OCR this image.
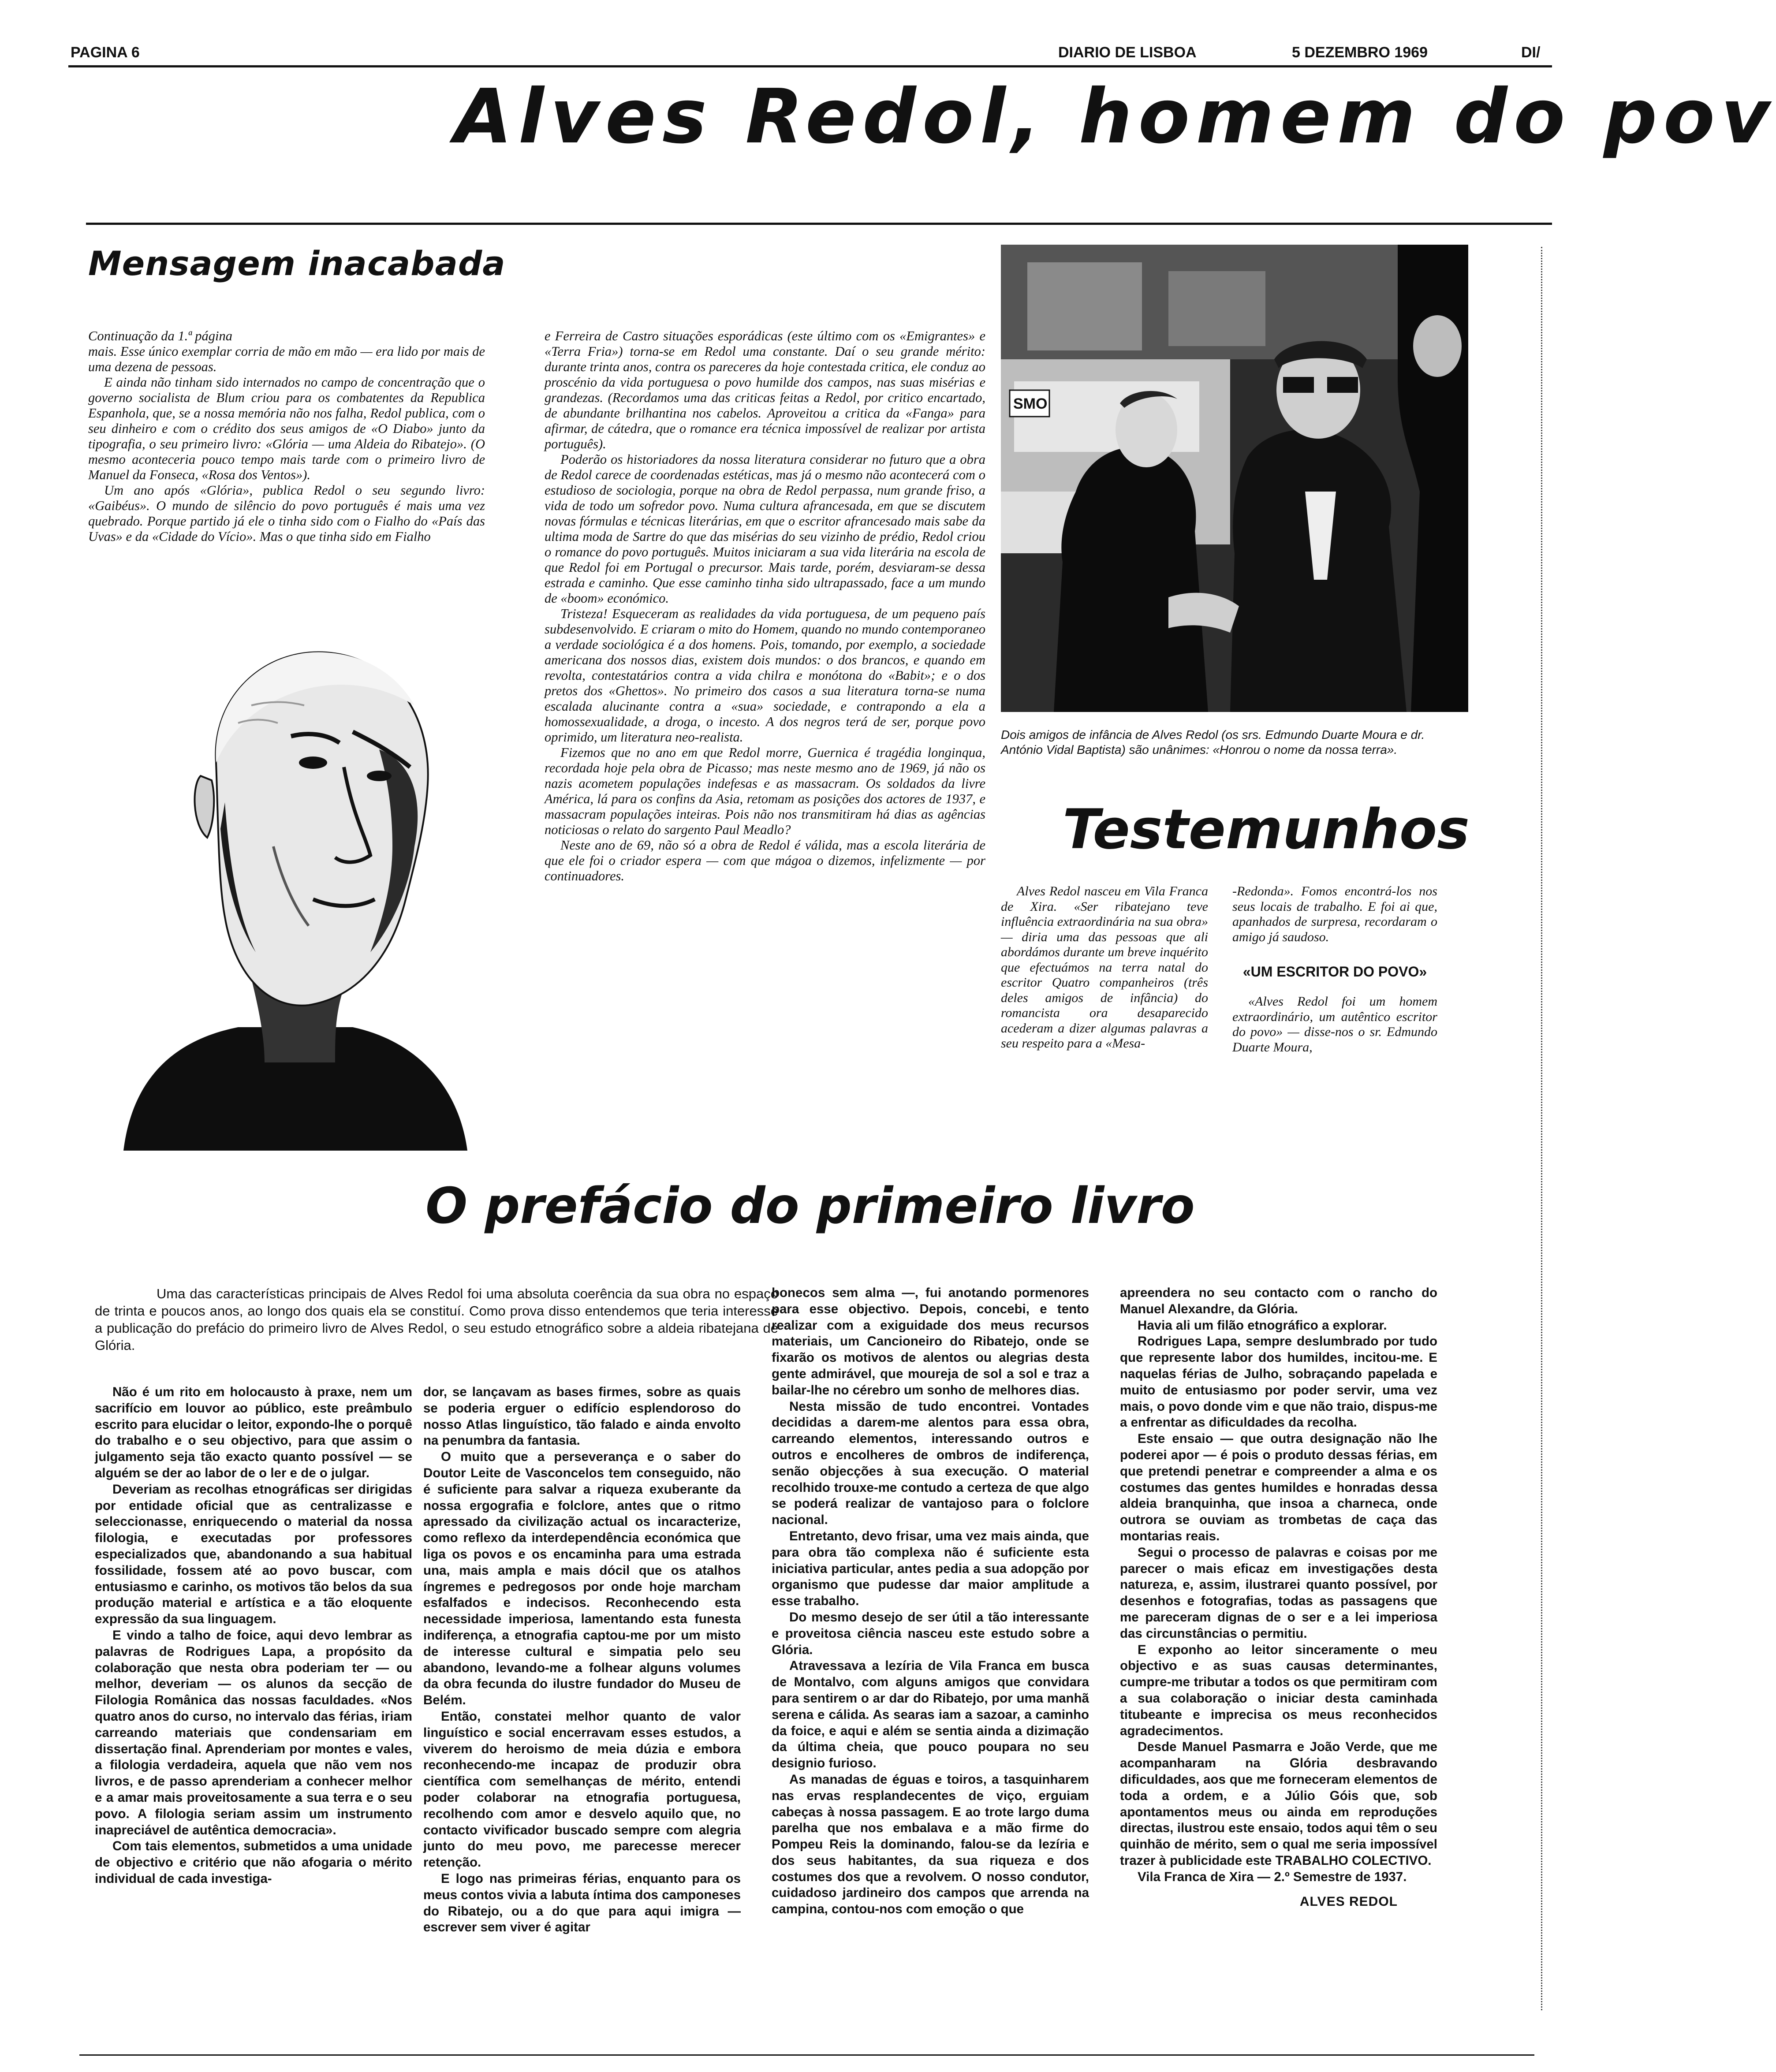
PAGINA 6	DIARIO DE LISBOA	5 DEZEMBRO 1969	DI/
Alves Redol, homem do pov
Mensagem inacabada

Continuação da 1.ª página

mais. Esse único exemplar corria de mão em mão — era lido por mais de uma dezena de pessoas.

E ainda não tinham sido internados no campo de concentração que o governo socialista de Blum criou para os combatentes da Republica Espanhola, que, se a nossa memória não nos falha, Redol publica, com o seu dinheiro e com o crédito dos seus amigos de «O Diabo» junto da tipografia, o seu primeiro livro: «Glória — uma Aldeia do Ribatejo». (O mesmo aconteceria pouco tempo mais tarde com o primeiro livro de Manuel da Fonseca, «Rosa dos Ventos»).

Um ano após «Glória», publica Redol o seu segundo livro: «Gaibéus». O mundo de silêncio do povo português é mais uma vez quebrado. Porque partido já ele o tinha sido com o Fialho do «País das Uvas» e da «Cidade do Vício». Mas o que tinha sido em Fialho

e Ferreira de Castro situações esporádicas (este último com os «Emigrantes» e «Terra Fria») torna-se em Redol uma constante. Daí o seu grande mérito: durante trinta anos, contra os pareceres da hoje contestada critica, ele conduz ao proscénio da vida portuguesa o povo humilde dos campos, nas suas misérias e grandezas. (Recordamos uma das criticas feitas a Redol, por critico encartado, de abundante brilhantina nos cabelos. Aproveitou a critica da «Fanga» para afirmar, de cátedra, que o romance era técnica impossível de realizar por artista português).

Poderão os historiadores da nossa literatura considerar no futuro que a obra de Redol carece de coordenadas estéticas, mas já o mesmo não acontecerá com o estudioso de sociologia, porque na obra de Redol perpassa, num grande friso, a vida de todo um sofredor povo. Numa cultura afrancesada, em que se discutem novas fórmulas e técnicas literárias, em que o escritor afrancesado mais sabe da ultima moda de Sartre do que das misérias do seu vizinho de prédio, Redol criou o romance do povo português. Muitos iniciaram a sua vida literária na escola de que Redol foi em Portugal o precursor. Mais tarde, porém, desviaram-se dessa estrada e caminho. Que esse caminho tinha sido ultrapassado, face a um mundo de «boom» económico.

Tristeza! Esqueceram as realidades da vida portuguesa, de um pequeno país subdesenvolvido. E criaram o mito do Homem, quando no mundo contemporaneo a verdade sociológica é a dos homens. Pois, tomando, por exemplo, a sociedade americana dos nossos dias, existem dois mundos: o dos brancos, e quando em revolta, contestatários contra a vida chilra e monótona do «Babit»; e o dos pretos dos «Ghettos». No primeiro dos casos a sua literatura torna-se numa escalada alucinante contra a «sua» sociedade, e contrapondo a ela a homossexualidade, a droga, o incesto. A dos negros terá de ser, porque povo oprimido, um literatura neo-realista.

Fizemos que no ano em que Redol morre, Guernica é tragédia longinqua, recordada hoje pela obra de Picasso; mas neste mesmo ano de 1969, já não os nazis acometem populações indefesas e as massacram. Os soldados da livre América, lá para os confins da Asia, retomam as posições dos actores de 1937, e massacram populações inteiras. Pois não nos transmitiram há dias as agências noticiosas o relato do sargento Paul Meadlo?

Neste ano de 69, não só a obra de Redol é válida, mas a escola literária de que ele foi o criador espera — com que mágoa o dizemos, infelizmente — por continuadores.

SMO
Dois amigos de infância de Alves Redol (os srs. Edmundo Duarte Moura e dr. António Vidal Baptista) são unânimes: «Honrou o nome da nossa terra».
Testemunhos

Alves Redol nasceu em Vila Franca de Xira. «Ser ribatejano teve influência extraordinária na sua obra» — diria uma das pessoas que ali abordámos durante um breve inquérito que efectuámos na terra natal do escritor Quatro companheiros (três deles amigos de infância) do romancista ora desaparecido acederam a dizer algumas palavras a seu respeito para a «Mesa-

-Redonda». Fomos encontrá-los nos seus locais de trabalho. E foi ai que, apanhados de surpresa, recordaram o amigo já saudoso.

«UM ESCRITOR DO POVO»

«Alves Redol foi um homem extraordinário, um autêntico escritor do povo» — disse-nos o sr. Edmundo Duarte Moura,

O prefácio do primeiro livro

Uma das características principais de Alves Redol foi uma absoluta coerência da sua obra no espaço de trinta e poucos anos, ao longo dos quais ela se constituí. Como prova disso entendemos que teria interesse a publicação do prefácio do primeiro livro de Alves Redol, o seu estudo etnográfico sobre a aldeia ribatejana de Glória.

Não é um rito em holocausto à praxe, nem um sacrifício em louvor ao público, este preâmbulo escrito para elucidar o leitor, expondo-lhe o porquê do trabalho e o seu objectivo, para que assim o julgamento seja tão exacto quanto possível — se alguém se der ao labor de o ler e de o julgar.

Deveriam as recolhas etnográficas ser dirigidas por entidade oficial que as centralizasse e seleccionasse, enriquecendo o material da nossa filologia, e executadas por professores especializados que, abandonando a sua habitual fossilidade, fossem até ao povo buscar, com entusiasmo e carinho, os motivos tão belos da sua produção material e artística e a tão eloquente expressão da sua linguagem.

E vindo a talho de foice, aqui devo lembrar as palavras de Rodrigues Lapa, a propósito da colaboração que nesta obra poderiam ter — ou melhor, deveriam — os alunos da secção de Filologia Românica das nossas faculdades. «Nos quatro anos do curso, no intervalo das férias, iriam carreando materiais que condensariam em dissertação final. Aprenderiam por montes e vales, a filologia verdadeira, aquela que não vem nos livros, e de passo aprenderiam a conhecer melhor e a amar mais proveitosamente a sua terra e o seu povo. A filologia seriam assim um instrumento inapreciável de autêntica democracia».

Com tais elementos, submetidos a uma unidade de objectivo e critério que não afogaria o mérito individual de cada investiga-

dor, se lançavam as bases firmes, sobre as quais se poderia erguer o edifício esplendoroso do nosso Atlas linguístico, tão falado e ainda envolto na penumbra da fantasia.

O muito que a perseverança e o saber do Doutor Leite de Vasconcelos tem conseguido, não é suficiente para salvar a riqueza exuberante da nossa ergografia e folclore, antes que o ritmo apressado da civilização actual os incaracterize, como reflexo da interdependência económica que liga os povos e os encaminha para uma estrada una, mais ampla e mais dócil que os atalhos íngremes e pedregosos por onde hoje marcham esfalfados e indecisos. Reconhecendo esta necessidade imperiosa, lamentando esta funesta indiferença, a etnografia captou-me por um misto de interesse cultural e simpatia pelo seu abandono, levando-me a folhear alguns volumes da obra fecunda do ilustre fundador do Museu de Belém.

Então, constatei melhor quanto de valor linguístico e social encerravam esses estudos, a viverem do heroismo de meia dúzia e embora reconhecendo-me incapaz de produzir obra científica com semelhanças de mérito, entendi poder colaborar na etnografia portuguesa, recolhendo com amor e desvelo aquilo que, no contacto vivificador buscado sempre com alegria junto do meu povo, me parecesse merecer retenção.

E logo nas primeiras férias, enquanto para os meus contos vivia a labuta íntima dos camponeses do Ribatejo, ou a do que para aqui imigra — escrever sem viver é agitar

bonecos sem alma —, fui anotando pormenores para esse objectivo. Depois, concebi, e tento realizar com a exiguidade dos meus recursos materiais, um Cancioneiro do Ribatejo, onde se fixarão os motivos de alentos ou alegrias desta gente admirável, que moureja de sol a sol e traz a bailar-lhe no cérebro um sonho de melhores dias.

Nesta missão de tudo encontrei. Vontades decididas a darem-me alentos para essa obra, carreando elementos, interessando outros e outros e encolheres de ombros de indiferença, senão objecções à sua execução. O material recolhido trouxe-me contudo a certeza de que algo se poderá realizar de vantajoso para o folclore nacional.

Entretanto, devo frisar, uma vez mais ainda, que para obra tão complexa não é suficiente esta iniciativa particular, antes pedia a sua adopção por organismo que pudesse dar maior amplitude a esse trabalho.

Do mesmo desejo de ser útil a tão interessante e proveitosa ciência nasceu este estudo sobre a Glória.

Atravessava a lezíria de Vila Franca em busca de Montalvo, com alguns amigos que convidara para sentirem o ar dar do Ribatejo, por uma manhã serena e cálida. As searas iam a sazoar, a caminho da foice, e aqui e além se sentia ainda a dizimação da última cheia, que pouco poupara no seu designio furioso.

As manadas de éguas e toiros, a tasquinharem nas ervas resplandecentes de viço, erguiam cabeças à nossa passagem. E ao trote largo duma parelha que nos embalava e a mão firme do Pompeu Reis la dominando, falou-se da lezíria e dos seus habitantes, da sua riqueza e dos costumes dos que a revolvem. O nosso condutor, cuidadoso jardineiro dos campos que arrenda na campina, contou-nos com emoção o que

apreendera no seu contacto com o rancho do Manuel Alexandre, da Glória.

Havia ali um filão etnográfico a explorar.

Rodrigues Lapa, sempre deslumbrado por tudo que represente labor dos humildes, incitou-me. E naquelas férias de Julho, sobraçando papelada e muito de entusiasmo por poder servir, uma vez mais, o povo donde vim e que não traio, dispus-me a enfrentar as dificuldades da recolha.

Este ensaio — que outra designação não lhe poderei apor — é pois o produto dessas férias, em que pretendi penetrar e compreender a alma e os costumes das gentes humildes e honradas dessa aldeia branquinha, que insoa a charneca, onde outrora se ouviam as trombetas de caça das montarias reais.

Segui o processo de palavras e coisas por me parecer o mais eficaz em investigações desta natureza, e, assim, ilustrarei quanto possível, por desenhos e fotografias, todas as passagens que me pareceram dignas de o ser e a lei imperiosa das circunstâncias o permitiu.

E exponho ao leitor sinceramente o meu objectivo e as suas causas determinantes, cumpre-me tributar a todos os que permitiram com a sua colaboração o iniciar desta caminhada titubeante e imprecisa os meus reconhecidos agradecimentos.

Desde Manuel Pasmarra e João Verde, que me acompanharam na Glória desbravando dificuldades, aos que me forneceram elementos de toda a ordem, e a Júlio Góis que, sob apontamentos meus ou ainda em reproduções directas, ilustrou este ensaio, todos aqui têm o seu quinhão de mérito, sem o qual me seria impossível trazer à publicidade este TRABALHO COLECTIVO.

Vila Franca de Xira — 2.º Semestre de 1937.

ALVES REDOL
